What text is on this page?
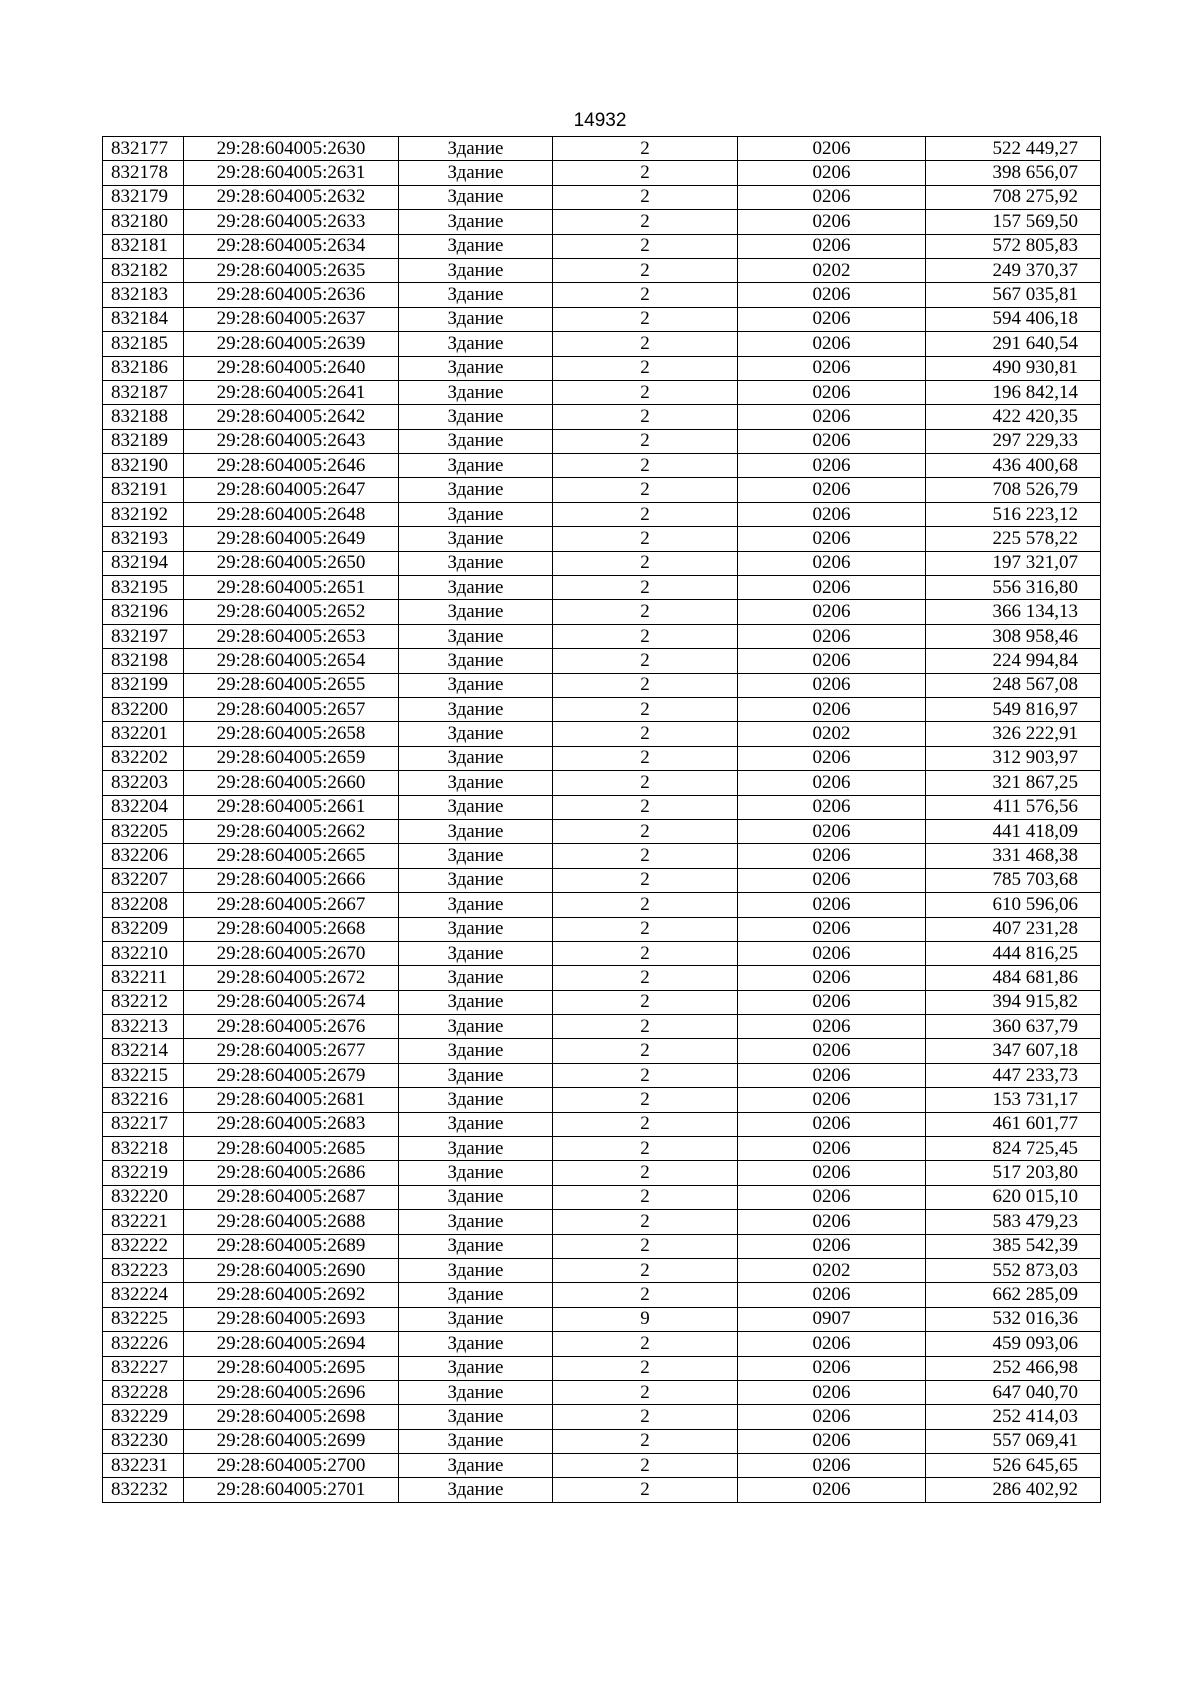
14932
832177	29:28:604005:2630	Здание	2	0206	522 449,27
832178	29:28:604005:2631	Здание	2	0206	398 656,07
832179	29:28:604005:2632	Здание	2	0206	708 275,92
832180	29:28:604005:2633	Здание	2	0206	157 569,50
832181	29:28:604005:2634	Здание	2	0206	572 805,83
832182	29:28:604005:2635	Здание	2	0202	249 370,37
832183	29:28:604005:2636	Здание	2	0206	567 035,81
832184	29:28:604005:2637	Здание	2	0206	594 406,18
832185	29:28:604005:2639	Здание	2	0206	291 640,54
832186	29:28:604005:2640	Здание	2	0206	490 930,81
832187	29:28:604005:2641	Здание	2	0206	196 842,14
832188	29:28:604005:2642	Здание	2	0206	422 420,35
832189	29:28:604005:2643	Здание	2	0206	297 229,33
832190	29:28:604005:2646	Здание	2	0206	436 400,68
832191	29:28:604005:2647	Здание	2	0206	708 526,79
832192	29:28:604005:2648	Здание	2	0206	516 223,12
832193	29:28:604005:2649	Здание	2	0206	225 578,22
832194	29:28:604005:2650	Здание	2	0206	197 321,07
832195	29:28:604005:2651	Здание	2	0206	556 316,80
832196	29:28:604005:2652	Здание	2	0206	366 134,13
832197	29:28:604005:2653	Здание	2	0206	308 958,46
832198	29:28:604005:2654	Здание	2	0206	224 994,84
832199	29:28:604005:2655	Здание	2	0206	248 567,08
832200	29:28:604005:2657	Здание	2	0206	549 816,97
832201	29:28:604005:2658	Здание	2	0202	326 222,91
832202	29:28:604005:2659	Здание	2	0206	312 903,97
832203	29:28:604005:2660	Здание	2	0206	321 867,25
832204	29:28:604005:2661	Здание	2	0206	411 576,56
832205	29:28:604005:2662	Здание	2	0206	441 418,09
832206	29:28:604005:2665	Здание	2	0206	331 468,38
832207	29:28:604005:2666	Здание	2	0206	785 703,68
832208	29:28:604005:2667	Здание	2	0206	610 596,06
832209	29:28:604005:2668	Здание	2	0206	407 231,28
832210	29:28:604005:2670	Здание	2	0206	444 816,25
832211	29:28:604005:2672	Здание	2	0206	484 681,86
832212	29:28:604005:2674	Здание	2	0206	394 915,82
832213	29:28:604005:2676	Здание	2	0206	360 637,79
832214	29:28:604005:2677	Здание	2	0206	347 607,18
832215	29:28:604005:2679	Здание	2	0206	447 233,73
832216	29:28:604005:2681	Здание	2	0206	153 731,17
832217	29:28:604005:2683	Здание	2	0206	461 601,77
832218	29:28:604005:2685	Здание	2	0206	824 725,45
832219	29:28:604005:2686	Здание	2	0206	517 203,80
832220	29:28:604005:2687	Здание	2	0206	620 015,10
832221	29:28:604005:2688	Здание	2	0206	583 479,23
832222	29:28:604005:2689	Здание	2	0206	385 542,39
832223	29:28:604005:2690	Здание	2	0202	552 873,03
832224	29:28:604005:2692	Здание	2	0206	662 285,09
832225	29:28:604005:2693	Здание	9	0907	532 016,36
832226	29:28:604005:2694	Здание	2	0206	459 093,06
832227	29:28:604005:2695	Здание	2	0206	252 466,98
832228	29:28:604005:2696	Здание	2	0206	647 040,70
832229	29:28:604005:2698	Здание	2	0206	252 414,03
832230	29:28:604005:2699	Здание	2	0206	557 069,41
832231	29:28:604005:2700	Здание	2	0206	526 645,65
832232	29:28:604005:2701	Здание	2	0206	286 402,92
